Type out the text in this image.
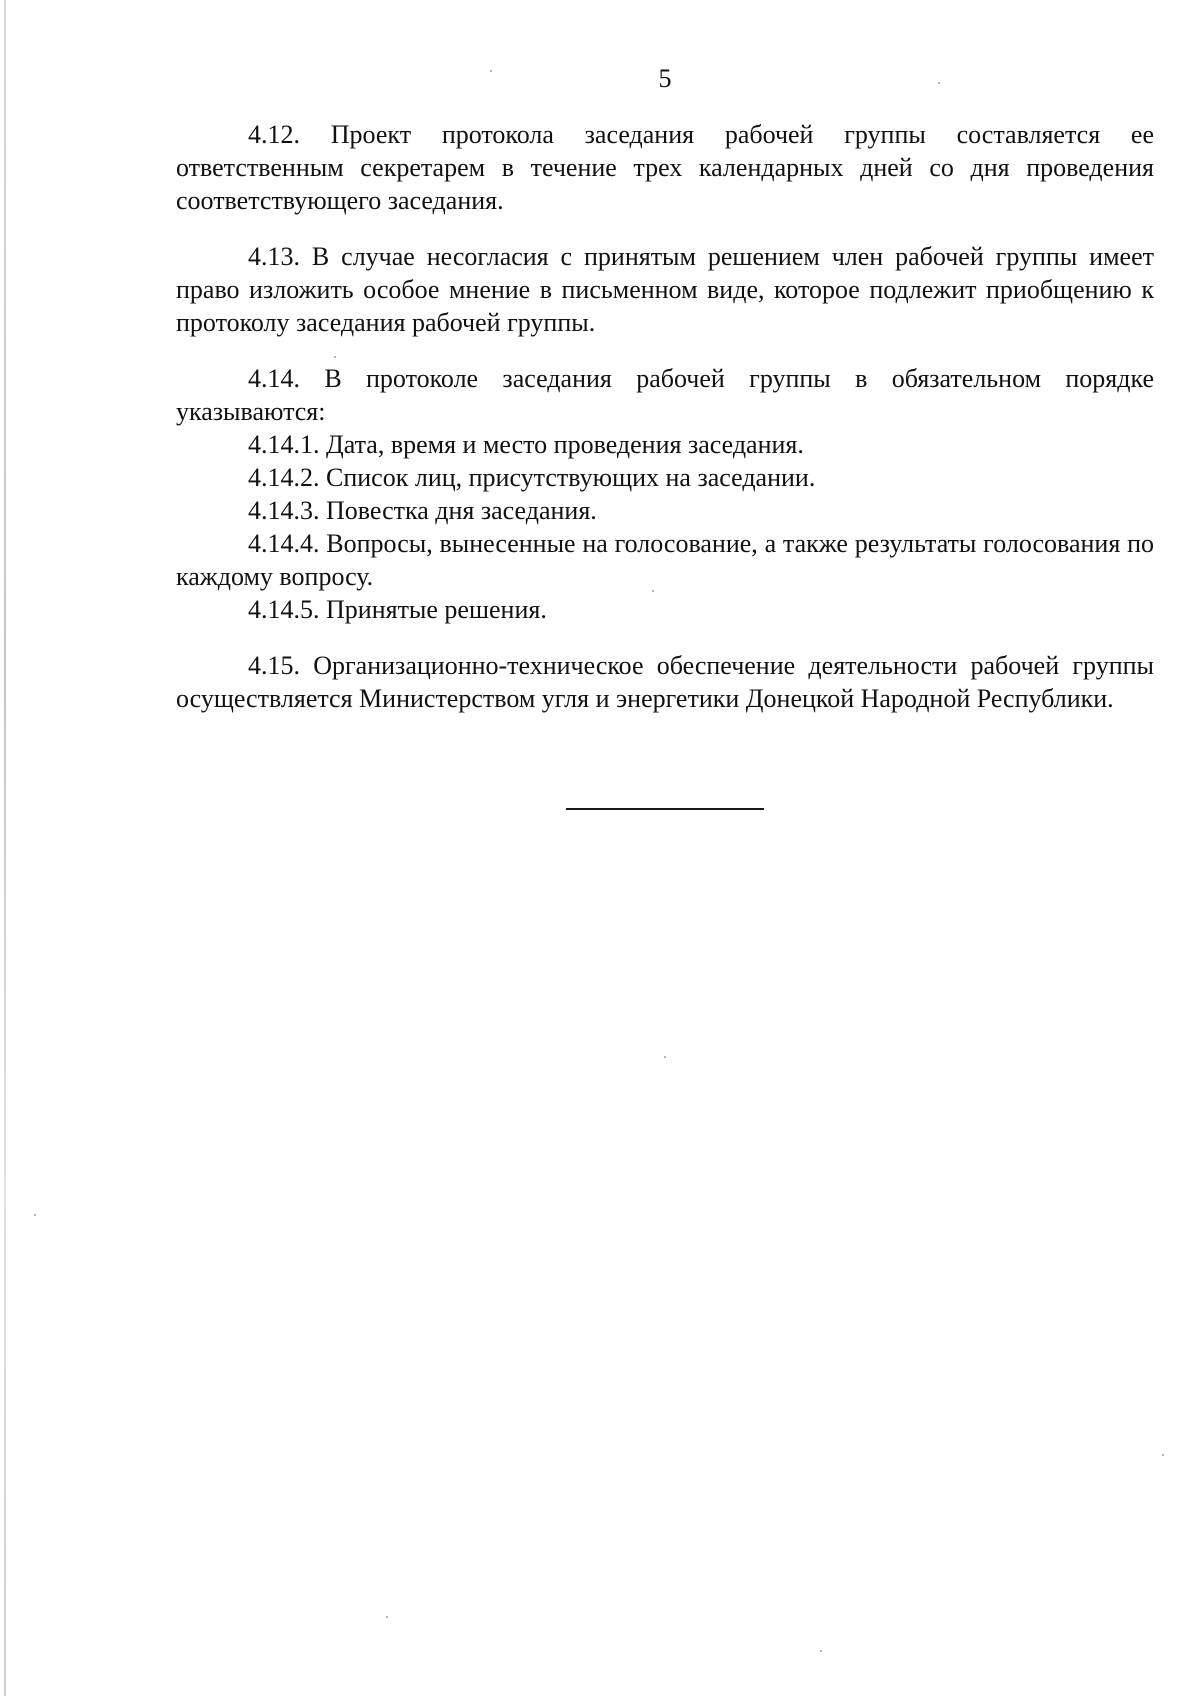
5

4.12. Проект протокола заседания рабочей группы составляется ее ответственным секретарем в течение трех календарных дней со дня проведения соответствующего заседания.

4.13. В случае несогласия с принятым решением член рабочей группы имеет право изложить особое мнение в письменном виде, которое подлежит приобщению к протоколу заседания рабочей группы.

4.14. В протоколе заседания рабочей группы в обязательном порядке указываются:

4.14.1. Дата, время и место проведения заседания.

4.14.2. Список лиц, присутствующих на заседании.

4.14.3. Повестка дня заседания.

4.14.4. Вопросы, вынесенные на голосование, а также результаты голосования по каждому вопросу.

4.14.5. Принятые решения.

4.15. Организационно-техническое обеспечение деятельности рабочей группы осуществляется Министерством угля и энергетики Донецкой Народной Республики.
